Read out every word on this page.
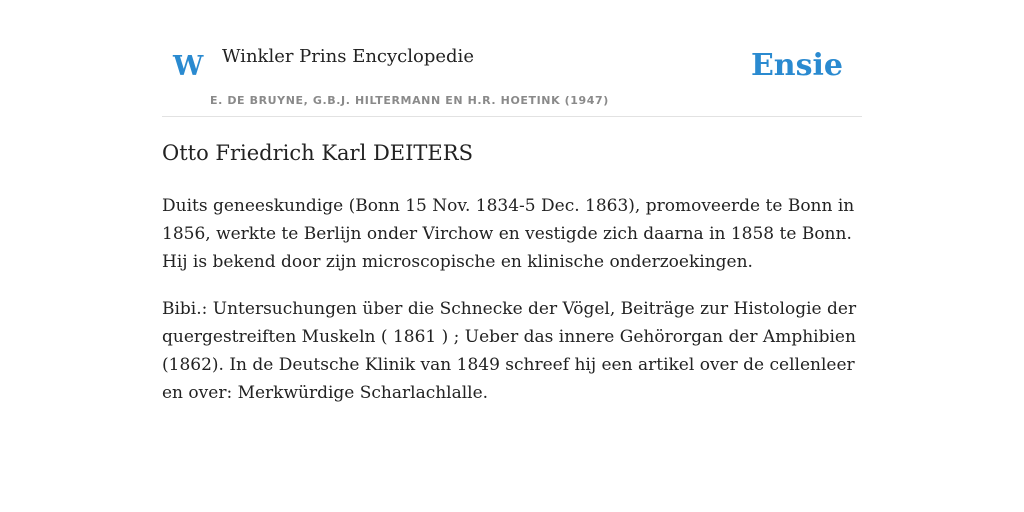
W Winkler Prins Encyclopedie
E. DE BRUYNE, G.B.J. HILTERMANN EN H.R. HOETINK (1947)
Ensie
Otto Friedrich Karl DEITERS

Duits geneeskundige (Bonn 15 Nov. 1834-5 Dec. 1863), promoveerde te Bonn in 1856, werkte te Berlijn onder Virchow en vestigde zich daarna in 1858 te Bonn. Hij is bekend door zijn microscopische en klinische onderzoekingen.

Bibi.: Untersuchungen über die Schnecke der Vögel, Beiträge zur Histologie der quergestreiften Muskeln ( 1861 ) ; Ueber das innere Gehörorgan der Amphibien (1862). In de Deutsche Klinik van 1849 schreef hij een artikel over de cellenleer en over: Merkwürdige Scharlachlalle.
